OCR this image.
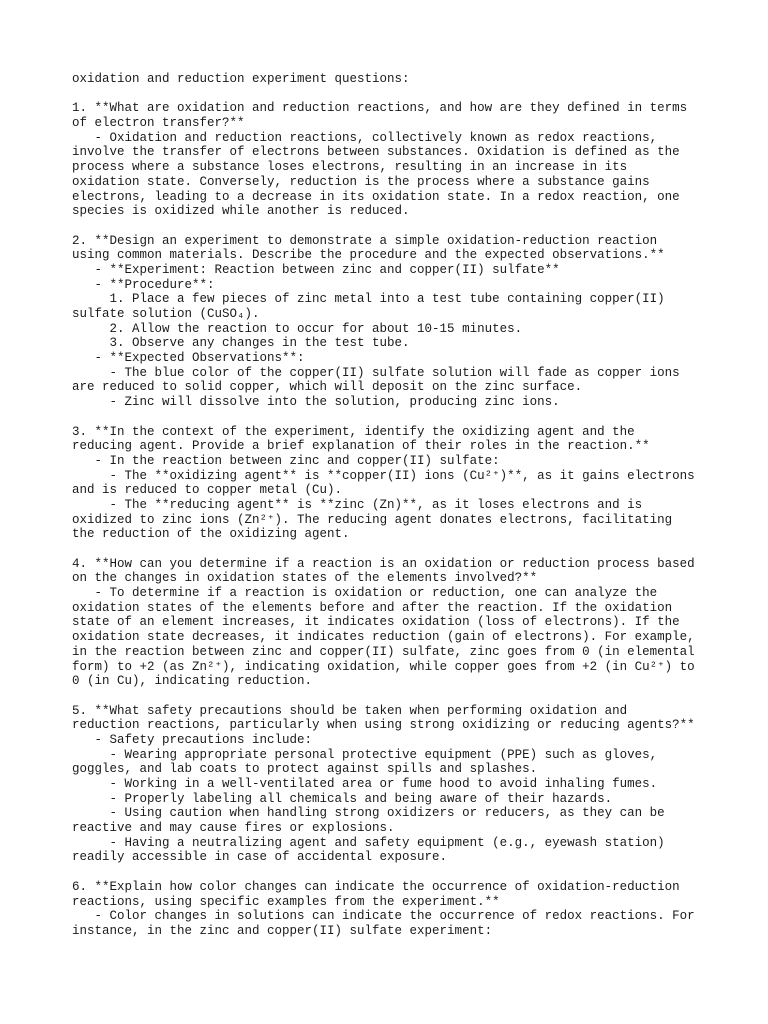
oxidation and reduction experiment questions:
1. **What are oxidation and reduction reactions, and how are they defined in terms
of electron transfer?**
- Oxidation and reduction reactions, collectively known as redox reactions,
involve the transfer of electrons between substances. Oxidation is defined as the
process where a substance loses electrons, resulting in an increase in its
oxidation state. Conversely, reduction is the process where a substance gains
electrons, leading to a decrease in its oxidation state. In a redox reaction, one
species is oxidized while another is reduced.
2. **Design an experiment to demonstrate a simple oxidation-reduction reaction
using common materials. Describe the procedure and the expected observations.**
- **Experiment: Reaction between zinc and copper(II) sulfate**
- **Procedure**:
1. Place a few pieces of zinc metal into a test tube containing copper(II)
sulfate solution (CuSO₄).
2. Allow the reaction to occur for about 10-15 minutes.
3. Observe any changes in the test tube.
- **Expected Observations**:
- The blue color of the copper(II) sulfate solution will fade as copper ions
are reduced to solid copper, which will deposit on the zinc surface.
- Zinc will dissolve into the solution, producing zinc ions.
3. **In the context of the experiment, identify the oxidizing agent and the
reducing agent. Provide a brief explanation of their roles in the reaction.**
- In the reaction between zinc and copper(II) sulfate:
- The **oxidizing agent** is **copper(II) ions (Cu²⁺)**, as it gains electrons
and is reduced to copper metal (Cu).
- The **reducing agent** is **zinc (Zn)**, as it loses electrons and is
oxidized to zinc ions (Zn²⁺). The reducing agent donates electrons, facilitating
the reduction of the oxidizing agent.
4. **How can you determine if a reaction is an oxidation or reduction process based
on the changes in oxidation states of the elements involved?**
- To determine if a reaction is oxidation or reduction, one can analyze the
oxidation states of the elements before and after the reaction. If the oxidation
state of an element increases, it indicates oxidation (loss of electrons). If the
oxidation state decreases, it indicates reduction (gain of electrons). For example,
in the reaction between zinc and copper(II) sulfate, zinc goes from 0 (in elemental
form) to +2 (as Zn²⁺), indicating oxidation, while copper goes from +2 (in Cu²⁺) to
0 (in Cu), indicating reduction.
5. **What safety precautions should be taken when performing oxidation and
reduction reactions, particularly when using strong oxidizing or reducing agents?**
- Safety precautions include:
- Wearing appropriate personal protective equipment (PPE) such as gloves,
goggles, and lab coats to protect against spills and splashes.
- Working in a well-ventilated area or fume hood to avoid inhaling fumes.
- Properly labeling all chemicals and being aware of their hazards.
- Using caution when handling strong oxidizers or reducers, as they can be
reactive and may cause fires or explosions.
- Having a neutralizing agent and safety equipment (e.g., eyewash station)
readily accessible in case of accidental exposure.
6. **Explain how color changes can indicate the occurrence of oxidation-reduction
reactions, using specific examples from the experiment.**
- Color changes in solutions can indicate the occurrence of redox reactions. For
instance, in the zinc and copper(II) sulfate experiment:
